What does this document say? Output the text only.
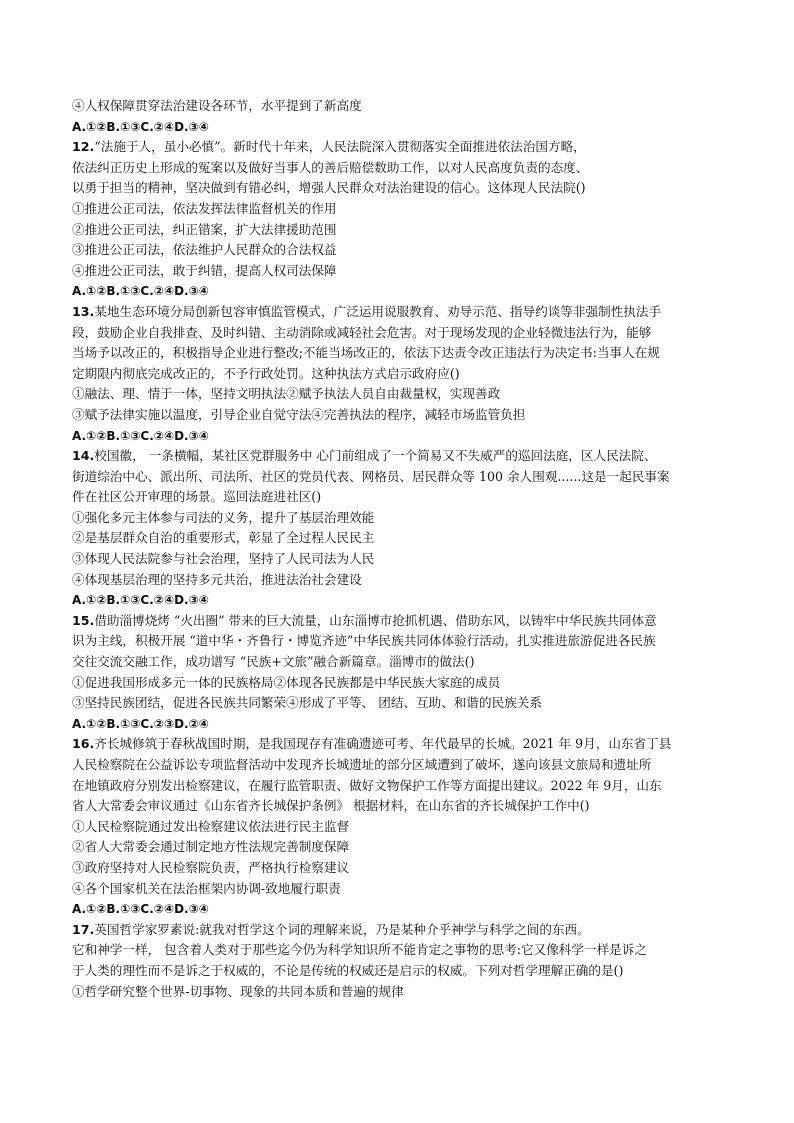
④人权保障贯穿法治建设各环节，水平提到了新高度

A.①②B.①③C.②④D.③④

12.“法施于人，虽小必慎”。新时代十年来，人民法院深入贯彻落实全面推进依法治国方略，

依法纠正历史上形成的冤案以及做好当事人的善后赔偿数助工作，以对人民高度负责的态度、

以勇于担当的精神，坚决做到有错必纠，增强人民群众对法治建设的信心。这体现人民法院()

①推进公正司法，依法发挥法律监督机关的作用

②推进公正司法，纠正错案，扩大法律援助范围

③推进公正司法，依法维护人民群众的合法权益

④推进公正司法，敢于纠错，提高人权司法保障

A.①②B.①③C.②④D.③④

13.某地生态环境分局创新包容审慎监管模式，广泛运用说服教育、劝导示范、指导约谈等非强制性执法手

段，鼓励企业自我排查、及时纠错、主动消除或减轻社会危害。对于现场发现的企业轻微违法行为，能够

当场予以改正的，积极指导企业进行整改;不能当场改正的，依法下达责令改正违法行为决定书:当事人在规

定期限内彻底完成改正的，不予行政处罚。这种执法方式启示政府应()

①融法、理、情于一体，坚持文明执法②赋予执法人员自由裁量权，实现善政

③赋予法律实施以温度，引导企业自觉守法④完善执法的程序，减轻市场监管负担

A.①②B.①③C.②④D.③④

14.校国徽， 一条横幅，某社区党群服务中 心门前组成了一个简易又不失威严的巡回法庭，区人民法院、

街道综治中心、派出所、司法所、社区的党员代表、网格员、居民群众等 100 余人围观......这是一起民事案

件在社区公开审理的场景。巡回法庭进社区()

①强化多元主体参与司法的义务，提升了基层治理效能

②是基层群众自治的重要形式，彰显了全过程人民民主

③体现人民法院参与社会治理，坚持了人民司法为人民

④体现基层治理的坚持多元共治，推进法治社会建设

A.①②B.①③C.②④D.③④

15.借助淄博烧烤 “火出圈” 带来的巨大流量，山东淄博市抢抓机遇、借助东风，以铸牢中华民族共同体意

识为主线，积极开展 “道中华・齐鲁行・博览齐迹”中华民族共同体体验行活动，扎实推进旅游促进各民族

交往交流交融工作，成功谱写 “民族+文旅”融合新篇章。淄博市的做法()

①促进我国形成多元一体的民族格局②体现各民族都是中华民族大家庭的成员

③坚持民族团结，促进各民族共同繁荣④形成了平等、 团结、互助、和谐的民族关系

A.①②B.①③C.②③D.②④

16.齐长城修筑于春秋战国时期，是我国现存有准确遗迹可考、年代最早的长城。2021 年 9月，山东省丁县

人民检察院在公益诉讼专项监督活动中发现齐长城遗址的部分区域遭到了破坏，遂向该县文旅局和遗址所

在地镇政府分别发出检察建议，在履行监管职责、做好文物保护工作等方面提出建议。2022 年 9月，山东

省人大常委会审议通过《山东省齐长城保护条例》 根据材料，在山东省的齐长城保护工作中()

①人民检察院通过发出检察建议依法进行民主监督

②省人大常委会通过制定地方性法规完善制度保障

③政府坚持对人民检察院负责，严格执行检察建议

④各个国家机关在法治框架内协调-致地履行职责

A.①②B.①③C.②④D.③④

17.英国哲学家罗素说:就我对哲学这个词的理解来说，乃是某种介乎神学与科学之间的东西。

它和神学一样， 包含着人类对于那些迄今仍为科学知识所不能肯定之事物的思考:它又像科学一样是诉之

于人类的理性而不是诉之于权威的，不论是传统的权威还是启示的权威。下列对哲学理解正确的是()

①哲学研究整个世界-切事物、现象的共同本质和普遍的规律
